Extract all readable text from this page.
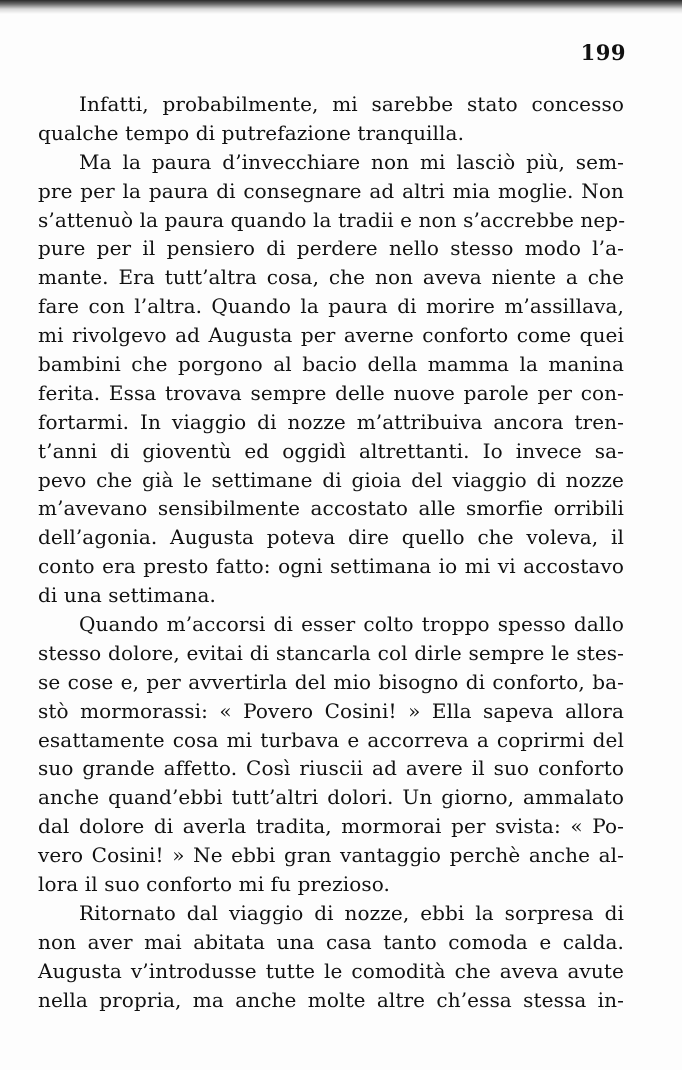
199
Infatti, probabilmente, mi sarebbe stato concesso
qualche tempo di putrefazione tranquilla.
Ma la paura d’invecchiare non mi lasciò più, sem-
pre per la paura di consegnare ad altri mia moglie. Non
s’attenuò la paura quando la tradii e non s’accrebbe nep-
pure per il pensiero di perdere nello stesso modo l’a-
mante. Era tutt’altra cosa, che non aveva niente a che
fare con l’altra. Quando la paura di morire m’assillava,
mi rivolgevo ad Augusta per averne conforto come quei
bambini che porgono al bacio della mamma la manina
ferita. Essa trovava sempre delle nuove parole per con-
fortarmi. In viaggio di nozze m’attribuiva ancora tren-
t’anni di gioventù ed oggidì altrettanti. Io invece sa-
pevo che già le settimane di gioia del viaggio di nozze
m’avevano sensibilmente accostato alle smorfie orribili
dell’agonia. Augusta poteva dire quello che voleva, il
conto era presto fatto: ogni settimana io mi vi accostavo
di una settimana.
Quando m’accorsi di esser colto troppo spesso dallo
stesso dolore, evitai di stancarla col dirle sempre le stes-
se cose e, per avvertirla del mio bisogno di conforto, ba-
stò mormorassi: « Povero Cosini! » Ella sapeva allora
esattamente cosa mi turbava e accorreva a coprirmi del
suo grande affetto. Così riuscii ad avere il suo conforto
anche quand’ebbi tutt’altri dolori. Un giorno, ammalato
dal dolore di averla tradita, mormorai per svista: « Po-
vero Cosini! » Ne ebbi gran vantaggio perchè anche al-
lora il suo conforto mi fu prezioso.
Ritornato dal viaggio di nozze, ebbi la sorpresa di
non aver mai abitata una casa tanto comoda e calda.
Augusta v’introdusse tutte le comodità che aveva avute
nella propria, ma anche molte altre ch’essa stessa in-
